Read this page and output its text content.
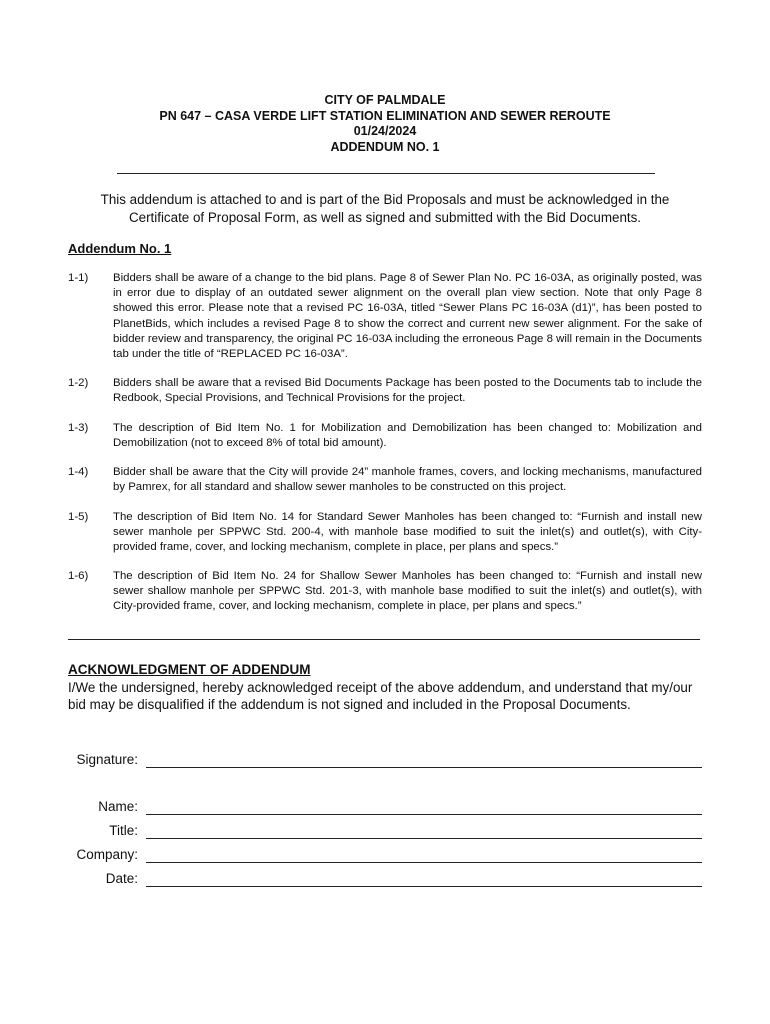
CITY OF PALMDALE
PN 647 – CASA VERDE LIFT STATION ELIMINATION AND SEWER REROUTE
01/24/2024
ADDENDUM NO. 1
This addendum is attached to and is part of the Bid Proposals and must be acknowledged in the Certificate of Proposal Form, as well as signed and submitted with the Bid Documents.
Addendum No. 1
1-1)	Bidders shall be aware of a change to the bid plans. Page 8 of Sewer Plan No. PC 16-03A, as originally posted, was in error due to display of an outdated sewer alignment on the overall plan view section. Note that only Page 8 showed this error. Please note that a revised PC 16-03A, titled “Sewer Plans PC 16-03A (d1)”, has been posted to PlanetBids, which includes a revised Page 8 to show the correct and current new sewer alignment. For the sake of bidder review and transparency, the original PC 16-03A including the erroneous Page 8 will remain in the Documents tab under the title of “REPLACED PC 16-03A”.
1-2)	Bidders shall be aware that a revised Bid Documents Package has been posted to the Documents tab to include the Redbook, Special Provisions, and Technical Provisions for the project.
1-3)	The description of Bid Item No. 1 for Mobilization and Demobilization has been changed to: Mobilization and Demobilization (not to exceed 8% of total bid amount).
1-4)	Bidder shall be aware that the City will provide 24” manhole frames, covers, and locking mechanisms, manufactured by Pamrex, for all standard and shallow sewer manholes to be constructed on this project.
1-5)	The description of Bid Item No. 14 for Standard Sewer Manholes has been changed to: “Furnish and install new sewer manhole per SPPWC Std. 200-4, with manhole base modified to suit the inlet(s) and outlet(s), with City-provided frame, cover, and locking mechanism, complete in place, per plans and specs.”
1-6)	The description of Bid Item No. 24 for Shallow Sewer Manholes has been changed to: “Furnish and install new sewer shallow manhole per SPPWC Std. 201-3, with manhole base modified to suit the inlet(s) and outlet(s), with City-provided frame, cover, and locking mechanism, complete in place, per plans and specs.”
ACKNOWLEDGMENT OF ADDENDUM
I/We the undersigned, hereby acknowledged receipt of the above addendum, and understand that my/our bid may be disqualified if the addendum is not signed and included in the Proposal Documents.
Signature:
Name:
Title:
Company:
Date:
